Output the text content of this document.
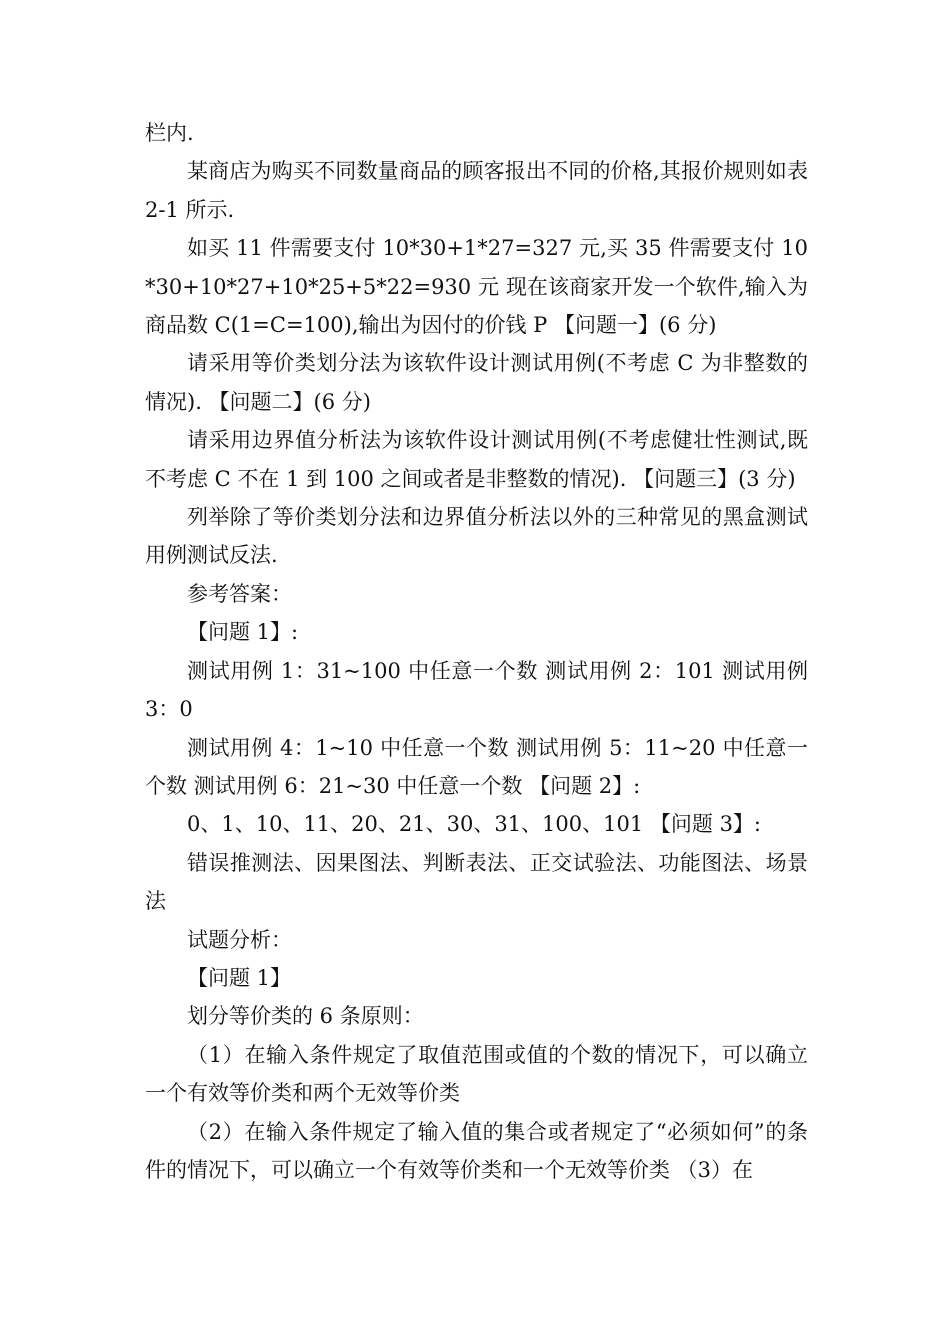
栏内.

某商店为购买不同数量商品的顾客报出不同的价格,其报价规则如表 2-1 所示.

如买 11 件需要支付 10*30+1*27=327 元,买 35 件需要支付 10*30+10*27+10*25+5*22=930 元 现在该商家开发一个软件,输入为商品数 C(1=C=100),输出为因付的价钱 P 【问题一】(6 分)

请采用等价类划分法为该软件设计测试用例(不考虑 C 为非整数的情况). 【问题二】(6 分)

请采用边界值分析法为该软件设计测试用例(不考虑健壮性测试,既不考虑 C 不在 1 到 100 之间或者是非整数的情况). 【问题三】(3 分)

列举除了等价类划分法和边界值分析法以外的三种常见的黑盒测试用例测试反法.

参考答案：

【问题 1】:

测试用例 1：31~100 中任意一个数 测试用例 2：101 测试用例 3：0

测试用例 4：1~10 中任意一个数 测试用例 5：11~20 中任意一个数 测试用例 6：21~30 中任意一个数 【问题 2】:

0、1、10、11、20、21、30、31、100、101 【问题 3】:

错误推测法、因果图法、判断表法、正交试验法、功能图法、场景法

试题分析：

【问题 1】

划分等价类的 6 条原则：

（1）在输入条件规定了取值范围或值的个数的情况下，可以确立一个有效等价类和两个无效等价类

（2）在输入条件规定了输入值的集合或者规定了“必须如何”的条件的情况下，可以确立一个有效等价类和一个无效等价类 （3）在
